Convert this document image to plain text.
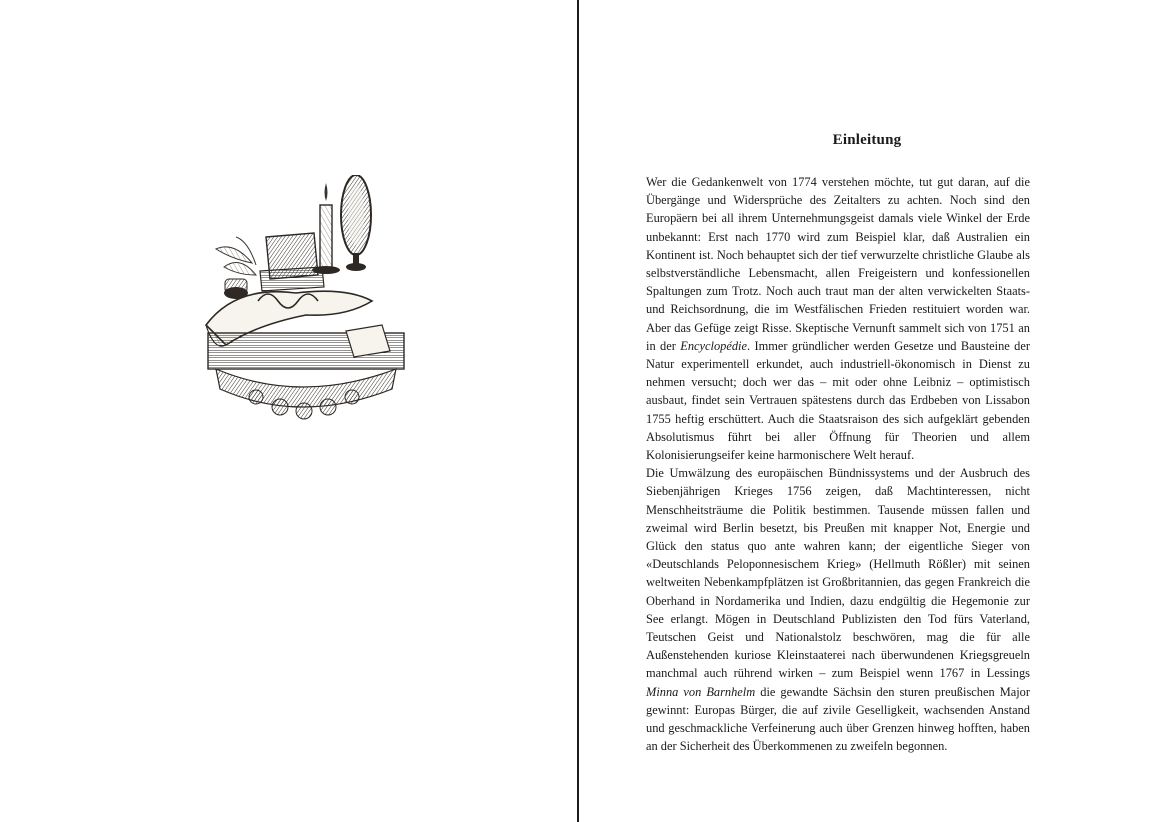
Einleitung

Wer die Gedankenwelt von 1774 verstehen möchte, tut gut daran, auf die Übergänge und Widersprüche des Zeitalters zu achten. Noch sind den Europäern bei all ihrem Unternehmungsgeist damals viele Winkel der Erde unbekannt: Erst nach 1770 wird zum Beispiel klar, daß Australien ein Kontinent ist. Noch behauptet sich der tief verwurzelte christliche Glaube als selbstverständliche Lebensmacht, allen Freigeistern und konfessionellen Spaltungen zum Trotz. Noch auch traut man der alten verwickelten Staats- und Reichsordnung, die im Westfälischen Frieden restituiert worden war. Aber das Gefüge zeigt Risse. Skeptische Vernunft sammelt sich von 1751 an in der Encyclopédie. Immer gründlicher werden Gesetze und Bausteine der Natur experimentell erkundet, auch industriell-ökonomisch in Dienst zu nehmen versucht; doch wer das – mit oder ohne Leibniz – optimistisch ausbaut, findet sein Vertrauen spätestens durch das Erdbeben von Lissabon 1755 heftig erschüttert. Auch die Staatsraison des sich aufgeklärt gebenden Absolutismus führt bei aller Öffnung für Theorien und allem Kolonisierungseifer keine harmonischere Welt herauf.

Die Umwälzung des europäischen Bündnissystems und der Ausbruch des Siebenjährigen Krieges 1756 zeigen, daß Machtinteressen, nicht Menschheitsträume die Politik bestimmen. Tausende müssen fallen und zweimal wird Berlin besetzt, bis Preußen mit knapper Not, Energie und Glück den status quo ante wahren kann; der eigentliche Sieger von «Deutschlands Peloponnesischem Krieg» (Hellmuth Rößler) mit seinen weltweiten Nebenkampfplätzen ist Großbritannien, das gegen Frankreich die Oberhand in Nordamerika und Indien, dazu endgültig die Hegemonie zur See erlangt. Mögen in Deutschland Publizisten den Tod fürs Vaterland, Teutschen Geist und Nationalstolz beschwören, mag die für alle Außenstehenden kuriose Kleinstaaterei nach überwundenen Kriegsgreueln manchmal auch rührend wirken – zum Beispiel wenn 1767 in Lessings Minna von Barnhelm die gewandte Sächsin den sturen preußischen Major gewinnt: Europas Bürger, die auf zivile Geselligkeit, wachsenden Anstand und geschmackliche Verfeinerung auch über Grenzen hinweg hofften, haben an der Sicherheit des Überkommenen zu zweifeln begonnen.
